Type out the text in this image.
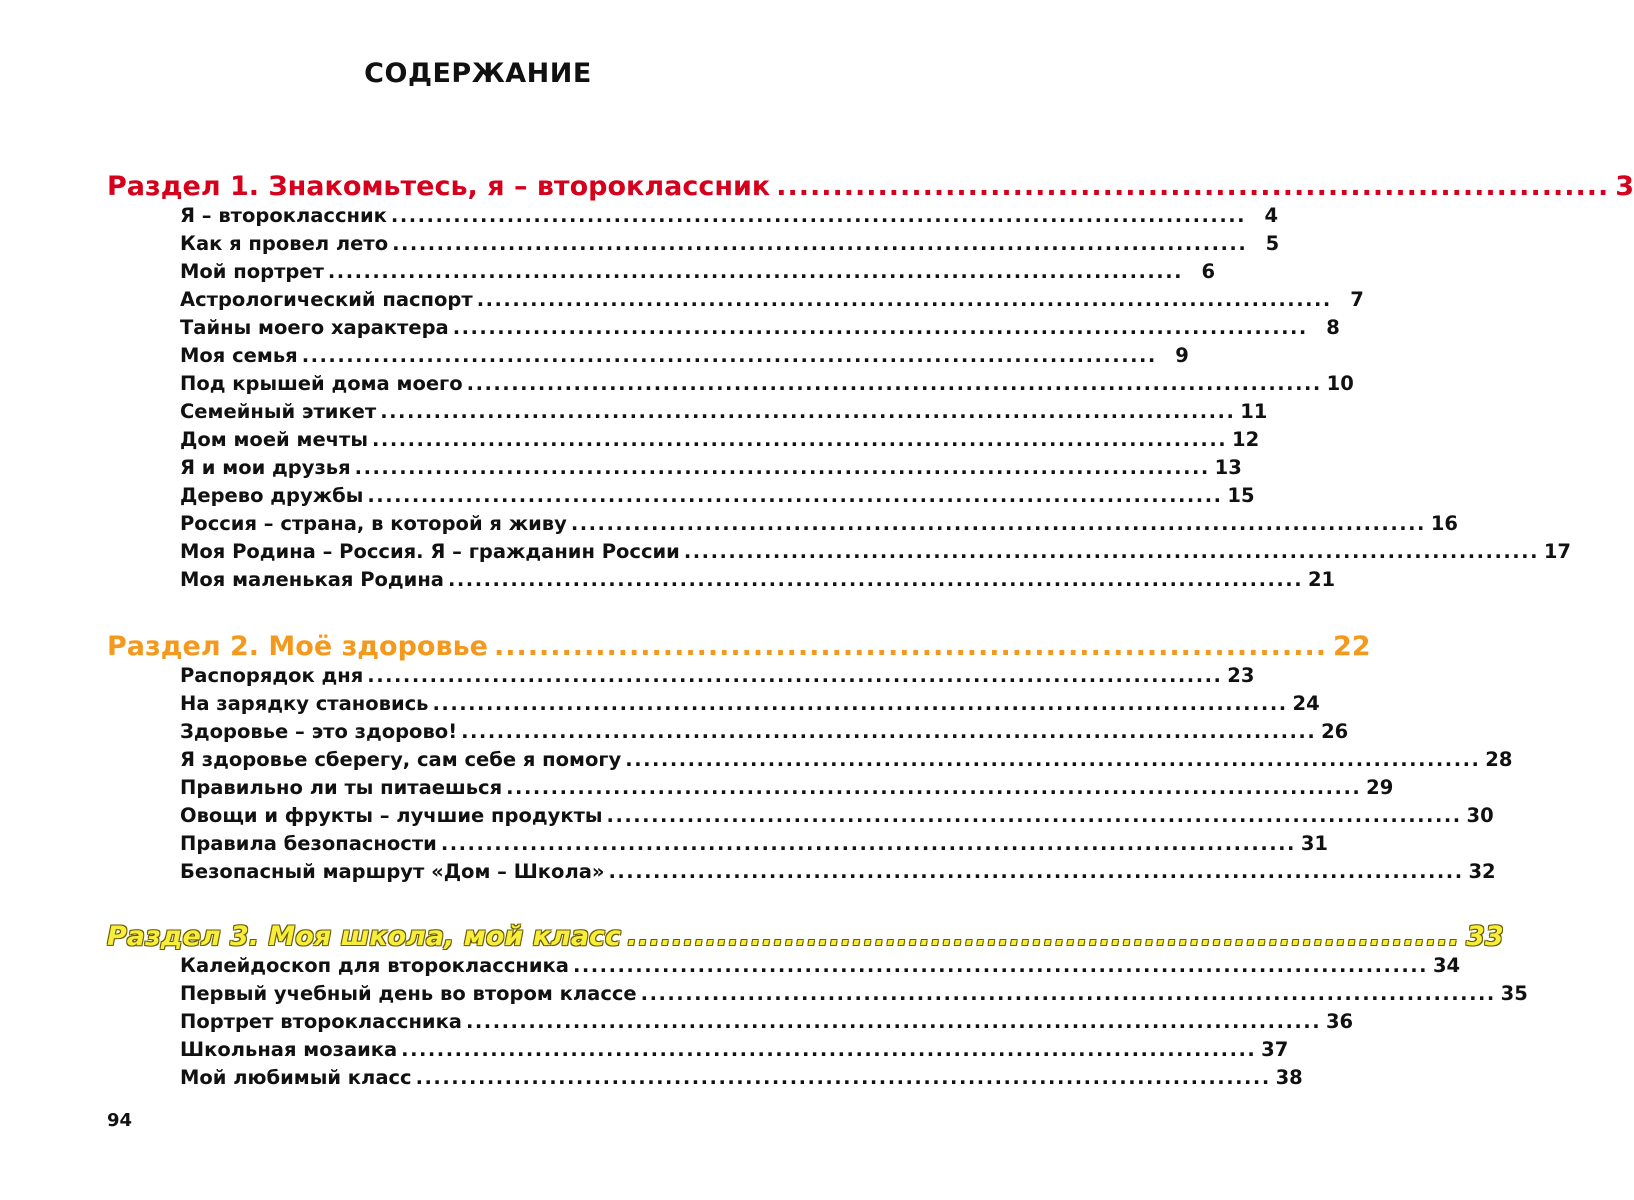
СОДЕРЖАНИЕ
Раздел 1. Знакомьтесь, я – второклассник .......................................................................... 3
Я – второклассник ................................................................................................ 4
Как я провел лето ................................................................................................ 5
Мой портрет ................................................................................................ 6
Астрологический паспорт ................................................................................................ 7
Тайны моего характера ................................................................................................ 8
Моя семья ................................................................................................ 9
Под крышей дома моего ................................................................................................ 10
Семейный этикет ................................................................................................ 11
Дом моей мечты ................................................................................................ 12
Я и мои друзья ................................................................................................ 13
Дерево дружбы ................................................................................................ 15
Россия – страна, в которой я живу ................................................................................................ 16
Моя Родина – Россия. Я – гражданин России ................................................................................................ 17
Моя маленькая Родина ................................................................................................ 21
Раздел 2. Моё здоровье .......................................................................... 22
Распорядок дня ................................................................................................ 23
На зарядку становись ................................................................................................ 24
Здоровье – это здорово! ................................................................................................ 26
Я здоровье сберегу, сам себе я помогу ................................................................................................ 28
Правильно ли ты питаешься ................................................................................................ 29
Овощи и фрукты – лучшие продукты ................................................................................................ 30
Правила безопасности ................................................................................................ 31
Безопасный маршрут «Дом – Школа» ................................................................................................ 32
Раздел 3. Моя школа, мой класс .......................................................................... 33
Калейдоскоп для второклассника ................................................................................................ 34
Первый учебный день во втором классе ................................................................................................ 35
Портрет второклассника ................................................................................................ 36
Школьная мозаика ................................................................................................ 37
Мой любимый класс ................................................................................................ 38
94
